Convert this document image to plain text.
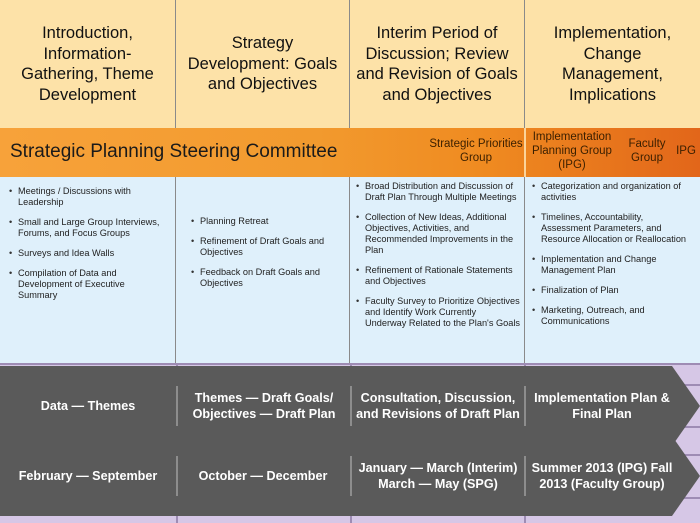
Introduction, Information-Gathering, Theme Development
Strategy Development: Goals and Objectives
Interim Period of Discussion; Review and Revision of Goals and Objectives
Implementation, Change Management, Implications
Strategic Planning Steering Committee	Strategic Priorities Group
Implementation Planning Group (IPG)
Faculty Group
IPG
• Meetings / Discussions with Leadership
• Small and Large Group Interviews, Forums, and Focus Groups
• Surveys and Idea Walls
• Compilation of Data and Development of Executive Summary
• Planning Retreat
• Refinement of Draft Goals and Objectives
• Feedback on Draft Goals and Objectives
• Broad Distribution and Discussion of Draft Plan Through Multiple Meetings
• Collection of New Ideas, Additional Objectives, Activities, and Recommended Improvements in the Plan
• Refinement of Rationale Statements and Objectives
• Faculty Survey to Prioritize Objectives and Identify Work Currently Underway Related to the Plan's Goals
• Categorization and organization of activities
• Timelines, Accountability, Assessment Parameters, and Resource Allocation or Reallocation
• Implementation and Change Management Plan
• Finalization of Plan
• Marketing, Outreach, and Communications
Data — Themes
Themes — Draft Goals/ Objectives — Draft Plan
Consultation, Discussion, and Revisions of Draft Plan
Implementation Plan & Final Plan
February — September	October — December
January — March (Interim) March — May (SPG)
Summer 2013 (IPG) Fall 2013 (Faculty Group)
